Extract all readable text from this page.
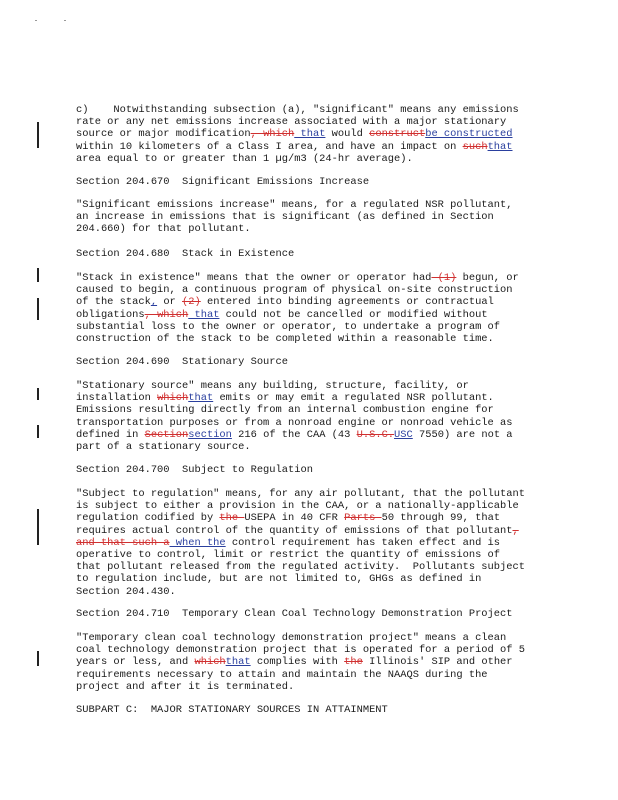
c)    Notwithstanding subsection (a), "significant" means any emissions
rate or any net emissions increase associated with a major stationary
source or major modification, which that would constructbe constructed
within 10 kilometers of a Class I area, and have an impact on suchthat
area equal to or greater than 1 µg/m3 (24-hr average).
Section 204.670  Significant Emissions Increase
"Significant emissions increase" means, for a regulated NSR pollutant,
an increase in emissions that is significant (as defined in Section
204.660) for that pollutant.
Section 204.680  Stack in Existence
"Stack in existence" means that the owner or operator had (1) begun, or
caused to begin, a continuous program of physical on-site construction
of the stack, or (2) entered into binding agreements or contractual
obligations, which that could not be cancelled or modified without
substantial loss to the owner or operator, to undertake a program of
construction of the stack to be completed within a reasonable time.
Section 204.690  Stationary Source
"Stationary source" means any building, structure, facility, or
installation whichthat emits or may emit a regulated NSR pollutant.
Emissions resulting directly from an internal combustion engine for
transportation purposes or from a nonroad engine or nonroad vehicle as
defined in Sectionsection 216 of the CAA (43 U.S.C.USC 7550) are not a
part of a stationary source.
Section 204.700  Subject to Regulation
"Subject to regulation" means, for any air pollutant, that the pollutant
is subject to either a provision in the CAA, or a nationally-applicable
regulation codified by the USEPA in 40 CFR Parts 50 through 99, that
requires actual control of the quantity of emissions of that pollutant,
and that such a when the control requirement has taken effect and is
operative to control, limit or restrict the quantity of emissions of
that pollutant released from the regulated activity.  Pollutants subject
to regulation include, but are not limited to, GHGs as defined in
Section 204.430.
Section 204.710  Temporary Clean Coal Technology Demonstration Project
"Temporary clean coal technology demonstration project" means a clean
coal technology demonstration project that is operated for a period of 5
years or less, and whichthat complies with the Illinois' SIP and other
requirements necessary to attain and maintain the NAAQS during the
project and after it is terminated.
SUBPART C:  MAJOR STATIONARY SOURCES IN ATTAINMENT
